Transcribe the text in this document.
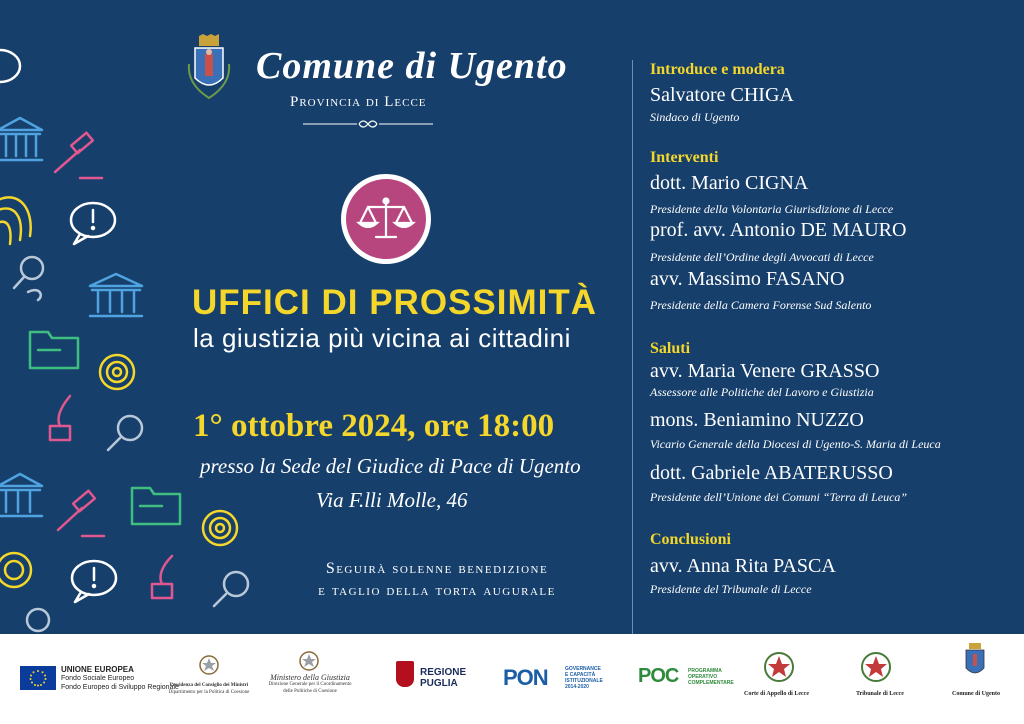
Comune di Ugento
Provincia di Lecce
UFFICI DI PROSSIMITÀ
la giustizia più vicina ai cittadini
1° ottobre 2024, ore 18:00
presso la Sede del Giudice di Pace di Ugento
Via F.lli Molle, 46
Seguirà solenne benedizione
e taglio della torta augurale
Introduce e modera
Salvatore CHIGA
Sindaco di Ugento
Interventi
dott. Mario CIGNA
Presidente della Volontaria Giurisdizione di Lecce
prof. avv. Antonio DE MAURO
Presidente dell’Ordine degli Avvocati di Lecce
avv. Massimo FASANO
Presidente della Camera Forense Sud Salento
Saluti
avv. Maria Venere GRASSO
Assessore alle Politiche del Lavoro e Giustizia
mons. Beniamino NUZZO
Vicario Generale della Diocesi di Ugento-S. Maria di Leuca
dott. Gabriele ABATERUSSO
Presidente dell’Unione dei Comuni “Terra di Leuca”
Conclusioni
avv. Anna Rita PASCA
Presidente del Tribunale di Lecce
UNIONE EUROPEA
Fondo Sociale Europeo
Fondo Europeo di Sviluppo Regionale
Presidenza del Consiglio dei Ministri
Dipartimento per la Politica di Coesione
Ministero della Giustizia
Direzione Generale per il Coordinamento
delle Politiche di Coesione
REGIONE
PUGLIA	PON	GOVERNANCE
E CAPACITÀ
ISTITUZIONALE
2014-2020	POC PROGRAMMA
OPERATIVO
COMPLEMENTARE
Corte di Appello di Lecce	Tribunale di Lecce	Comune di Ugento
